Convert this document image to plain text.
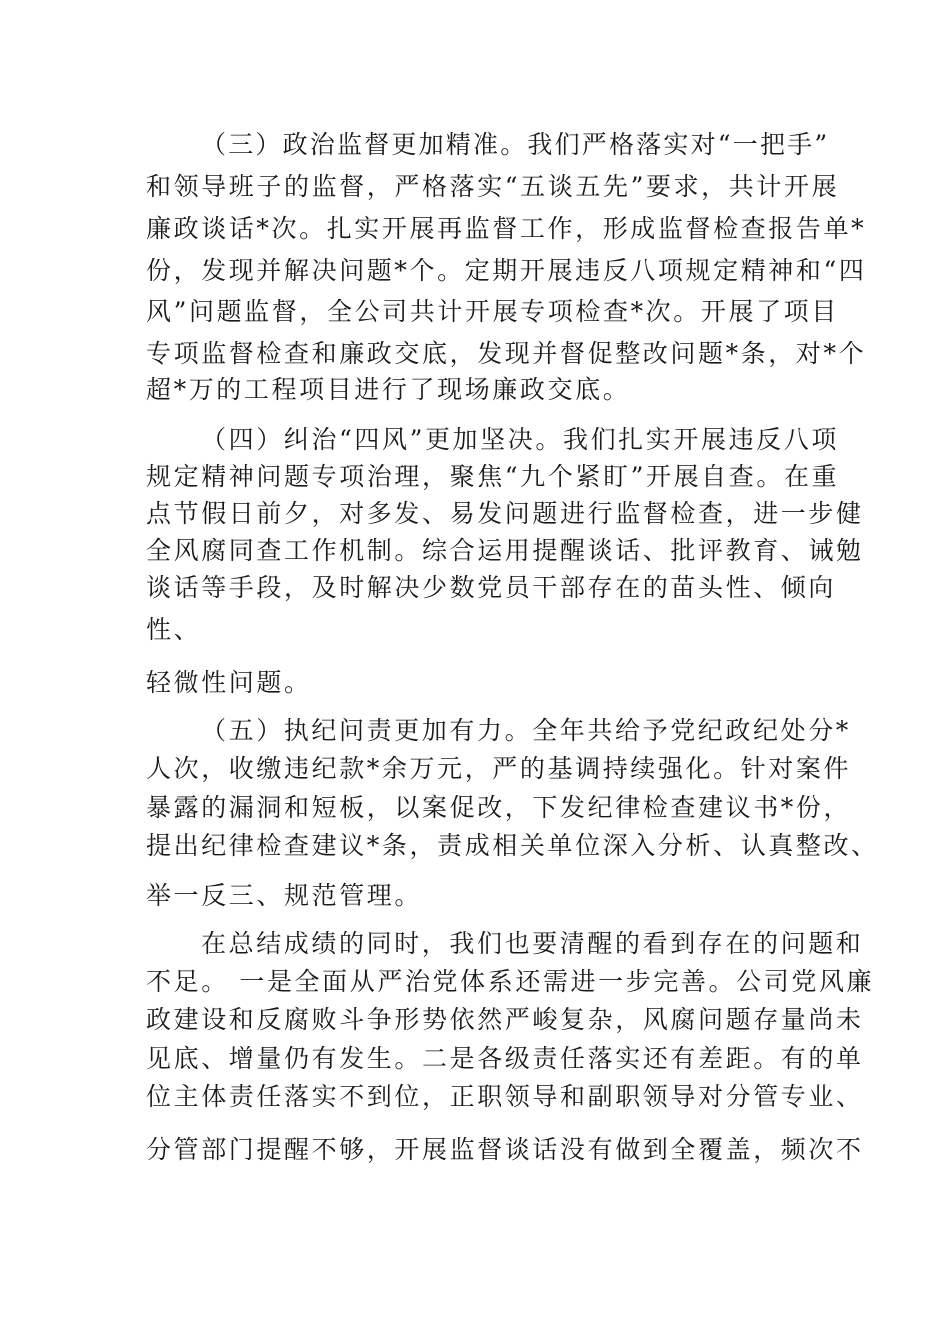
（三）政治监督更加精准。我们严格落实对“一把手”

和领导班子的监督，严格落实“五谈五先”要求，共计开展

廉政谈话*次。扎实开展再监督工作，形成监督检查报告单*

份，发现并解决问题*个。定期开展违反八项规定精神和“四

风”问题监督，全公司共计开展专项检查*次。开展了项目

专项监督检查和廉政交底，发现并督促整改问题*条，对*个

超*万的工程项目进行了现场廉政交底。

（四）纠治“四风”更加坚决。我们扎实开展违反八项

规定精神问题专项治理，聚焦“九个紧盯”开展自查。在重

点节假日前夕，对多发、易发问题进行监督检查，进一步健

全风腐同查工作机制。综合运用提醒谈话、批评教育、诫勉

谈话等手段，及时解决少数党员干部存在的苗头性、倾向

性、

轻微性问题。

（五）执纪问责更加有力。全年共给予党纪政纪处分*

人次，收缴违纪款*余万元，严的基调持续强化。针对案件

暴露的漏洞和短板，以案促改，下发纪律检查建议书*份，

提出纪律检查建议*条，责成相关单位深入分析、认真整改、

举一反三、规范管理。

在总结成绩的同时，我们也要清醒的看到存在的问题和

不足。 一是全面从严治党体系还需进一步完善。公司党风廉

政建设和反腐败斗争形势依然严峻复杂，风腐问题存量尚未

见底、增量仍有发生。二是各级责任落实还有差距。有的单

位主体责任落实不到位，正职领导和副职领导对分管专业、

分管部门提醒不够，开展监督谈话没有做到全覆盖，频次不
